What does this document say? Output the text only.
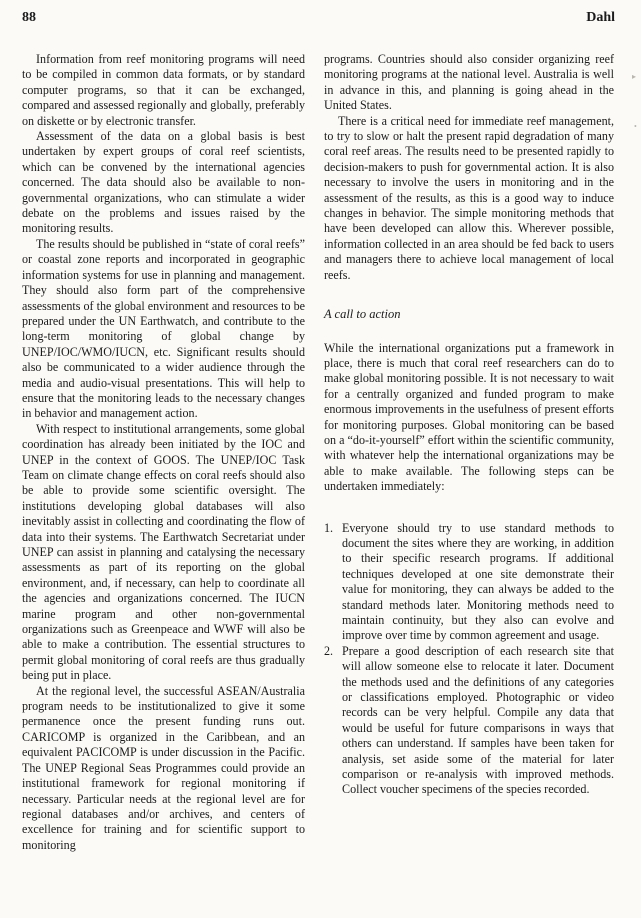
88	Dahl
▸
•

Information from reef monitoring programs will need to be compiled in common data formats, or by standard computer programs, so that it can be exchanged, compared and assessed regionally and globally, preferably on diskette or by electronic transfer.

Assessment of the data on a global basis is best undertaken by expert groups of coral reef scientists, which can be convened by the international agencies concerned. The data should also be available to non-governmental organizations, who can stimulate a wider debate on the problems and issues raised by the monitoring results.

The results should be published in “state of coral reefs” or coastal zone reports and incorporated in geographic information systems for use in planning and management. They should also form part of the comprehensive assessments of the global environment and resources to be prepared under the UN Earthwatch, and contribute to the long-term monitoring of global change by UNEP/IOC/WMO/IUCN, etc. Significant results should also be communicated to a wider audience through the media and audio-visual presentations. This will help to ensure that the monitoring leads to the necessary changes in behavior and management action.

With respect to institutional arrangements, some global coordination has already been initiated by the IOC and UNEP in the context of GOOS. The UNEP/IOC Task Team on climate change effects on coral reefs should also be able to provide some scientific oversight. The institutions developing global databases will also inevitably assist in collecting and coordinating the flow of data into their systems. The Earthwatch Secretariat under UNEP can assist in planning and catalysing the necessary assessments as part of its reporting on the global environment, and, if necessary, can help to coordinate all the agencies and organizations concerned. The IUCN marine program and other non-governmental organizations such as Greenpeace and WWF will also be able to make a contribution. The essential structures to permit global monitoring of coral reefs are thus gradually being put in place.

At the regional level, the successful ASEAN/Australia program needs to be institutionalized to give it some permanence once the present funding runs out. CARICOMP is organized in the Caribbean, and an equivalent PACICOMP is under discussion in the Pacific. The UNEP Regional Seas Programmes could provide an institutional framework for regional monitoring if necessary. Particular needs at the regional level are for regional databases and/or archives, and centers of excellence for training and for scientific support to monitoring

programs. Countries should also consider organizing reef monitoring programs at the national level. Australia is well in advance in this, and planning is going ahead in the United States.

There is a critical need for immediate reef management, to try to slow or halt the present rapid degradation of many coral reef areas. The results need to be presented rapidly to decision-makers to push for governmental action. It is also necessary to involve the users in monitoring and in the assessment of the results, as this is a good way to induce changes in behavior. The simple monitoring methods that have been developed can allow this. Wherever possible, information collected in an area should be fed back to users and managers there to achieve local management of local reefs.

A call to action

While the international organizations put a framework in place, there is much that coral reef researchers can do to make global monitoring possible. It is not necessary to wait for a centrally organized and funded program to make enormous improvements in the usefulness of present efforts for monitoring purposes. Global monitoring can be based on a “do-it-yourself” effort within the scientific community, with whatever help the international organizations may be able to make available. The following steps can be undertaken immediately:

1. Everyone should try to use standard methods to document the sites where they are working, in addition to their specific research programs. If additional techniques developed at one site demonstrate their value for monitoring, they can always be added to the standard methods later. Monitoring methods need to maintain continuity, but they also can evolve and improve over time by common agreement and usage.
2. Prepare a good description of each research site that will allow someone else to relocate it later. Document the methods used and the definitions of any categories or classifications employed. Photographic or video records can be very helpful. Compile any data that would be useful for future comparisons in ways that others can understand. If samples have been taken for analysis, set aside some of the material for later comparison or re-analysis with improved methods. Collect voucher specimens of the species recorded.
